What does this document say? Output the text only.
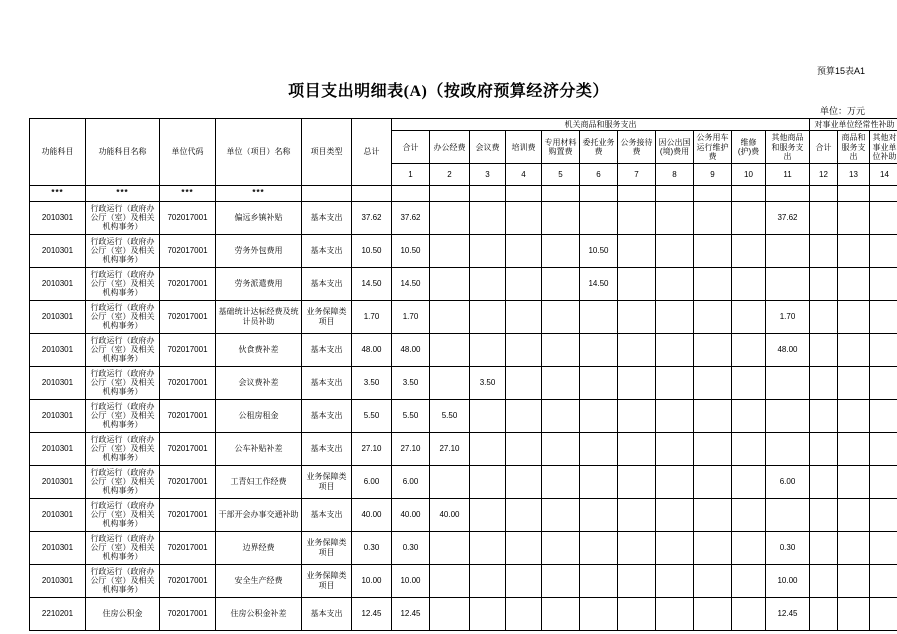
预算15表A1
项目支出明细表(A)（按政府预算经济分类）
单位：万元
功能科目	功能科目名称	单位代码	单位（项目）名称	项目类型	总计	机关商品和服务支出											对事业单位经常性补助			
						合计	办公经费	会议费	培训费	专用材料购置费	委托业务费	公务接待费	因公出国(境)费用	公务用车运行维护费	维修(护)费	其他商品和服务支出	合计	商品和服务支出	其他对事业单位补助	
						1	2	3	4	5	6	7	8	9	10	11	12	13	14	
***	***	***	***																	
2010301	行政运行（政府办公厅（室）及相关机构事务）	702017001	偏远乡镇补贴	基本支出	37.62	37.62										37.62				
2010301	行政运行（政府办公厅（室）及相关机构事务）	702017001	劳务外包费用	基本支出	10.50	10.50					10.50									
2010301	行政运行（政府办公厅（室）及相关机构事务）	702017001	劳务派遣费用	基本支出	14.50	14.50					14.50									
2010301	行政运行（政府办公厅（室）及相关机构事务）	702017001	基础统计达标经费及统计员补助	业务保障类项目	1.70	1.70										1.70				
2010301	行政运行（政府办公厅（室）及相关机构事务）	702017001	伙食费补差	基本支出	48.00	48.00										48.00				
2010301	行政运行（政府办公厅（室）及相关机构事务）	702017001	会议费补差	基本支出	3.50	3.50		3.50												
2010301	行政运行（政府办公厅（室）及相关机构事务）	702017001	公租房租金	基本支出	5.50	5.50	5.50													
2010301	行政运行（政府办公厅（室）及相关机构事务）	702017001	公车补贴补差	基本支出	27.10	27.10	27.10													
2010301	行政运行（政府办公厅（室）及相关机构事务）	702017001	工青妇工作经费	业务保障类项目	6.00	6.00										6.00				
2010301	行政运行（政府办公厅（室）及相关机构事务）	702017001	干部开会办事交通补助	基本支出	40.00	40.00	40.00													
2010301	行政运行（政府办公厅（室）及相关机构事务）	702017001	边界经费	业务保障类项目	0.30	0.30										0.30				
2010301	行政运行（政府办公厅（室）及相关机构事务）	702017001	安全生产经费	业务保障类项目	10.00	10.00										10.00				
2210201	住房公积金	702017001	住房公积金补差	基本支出	12.45	12.45										12.45				
